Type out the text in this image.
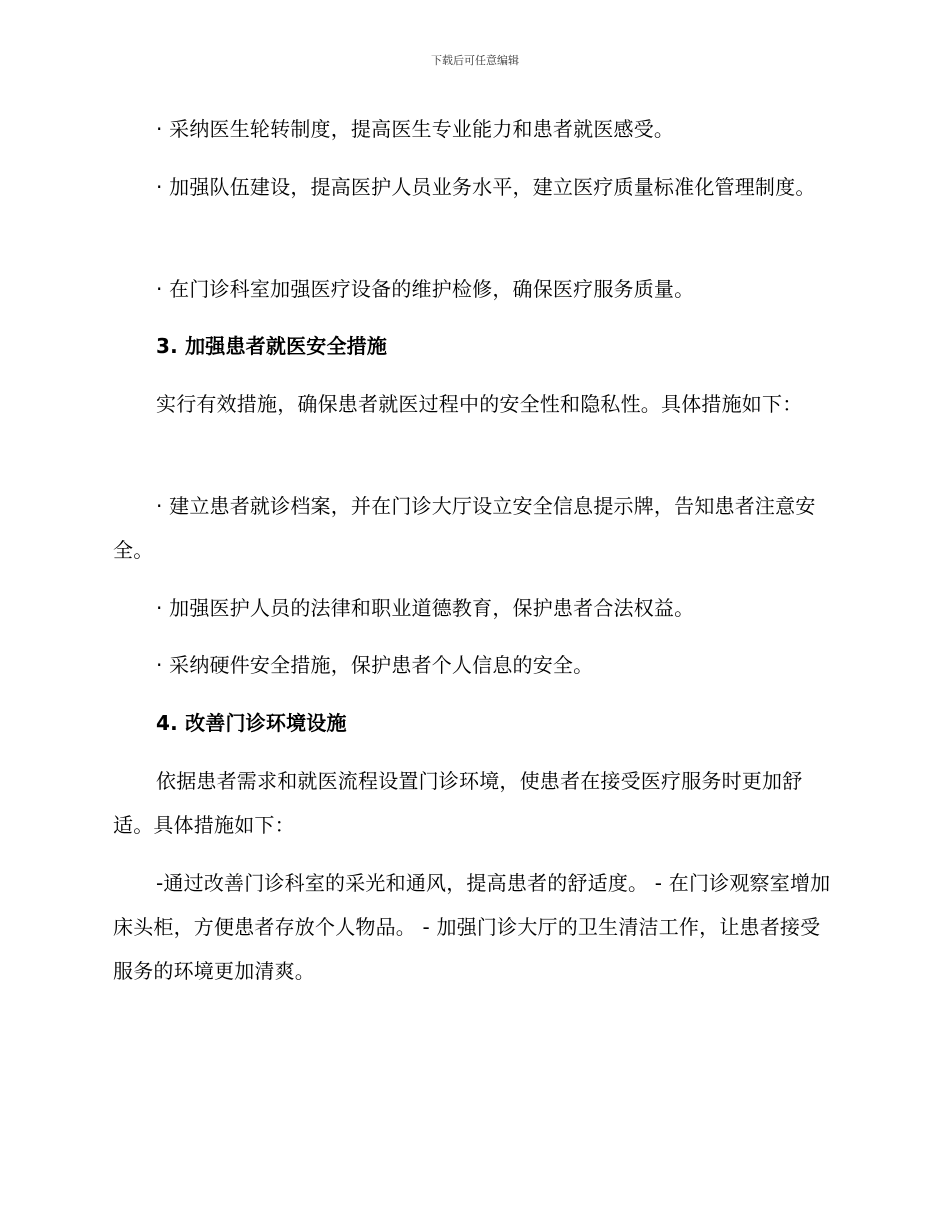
下载后可任意编辑

· 采纳医生轮转制度，提高医生专业能力和患者就医感受。

· 加强队伍建设，提高医护人员业务水平，建立医疗质量标准化管理制度。

· 在门诊科室加强医疗设备的维护检修，确保医疗服务质量。

3. 加强患者就医安全措施

实行有效措施，确保患者就医过程中的安全性和隐私性。具体措施如下：

· 建立患者就诊档案，并在门诊大厅设立安全信息提示牌，告知患者注意安全。

· 加强医护人员的法律和职业道德教育，保护患者合法权益。

· 采纳硬件安全措施，保护患者个人信息的安全。

4. 改善门诊环境设施

依据患者需求和就医流程设置门诊环境，使患者在接受医疗服务时更加舒适。具体措施如下：

-通过改善门诊科室的采光和通风，提高患者的舒适度。 - 在门诊观察室增加床头柜，方便患者存放个人物品。 - 加强门诊大厅的卫生清洁工作，让患者接受服务的环境更加清爽。
